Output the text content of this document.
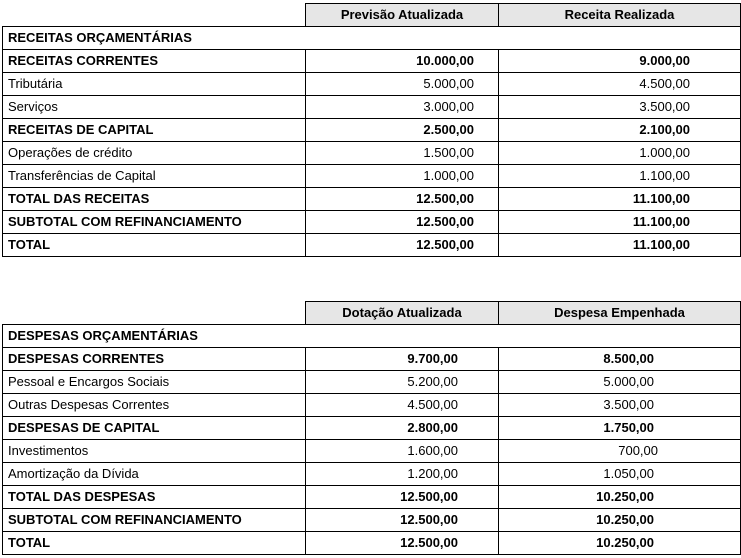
	Previsão Atualizada	Receita Realizada
RECEITAS ORÇAMENTÁRIAS		
RECEITAS CORRENTES	10.000,00	9.000,00
Tributária	5.000,00	4.500,00
Serviços	3.000,00	3.500,00
RECEITAS DE CAPITAL	2.500,00	2.100,00
Operações de crédito	1.500,00	1.000,00
Transferências de Capital	1.000,00	1.100,00
TOTAL DAS RECEITAS	12.500,00	11.100,00
SUBTOTAL COM REFINANCIAMENTO	12.500,00	11.100,00
TOTAL	12.500,00	11.100,00
	Dotação Atualizada	Despesa Empenhada
DESPESAS ORÇAMENTÁRIAS		
DESPESAS CORRENTES	9.700,00	8.500,00
Pessoal e Encargos Sociais	5.200,00	5.000,00
Outras Despesas Correntes	4.500,00	3.500,00
DESPESAS DE CAPITAL	2.800,00	1.750,00
Investimentos	1.600,00	700,00
Amortização da Dívida	1.200,00	1.050,00
TOTAL DAS DESPESAS	12.500,00	10.250,00
SUBTOTAL COM REFINANCIAMENTO	12.500,00	10.250,00
TOTAL	12.500,00	10.250,00
